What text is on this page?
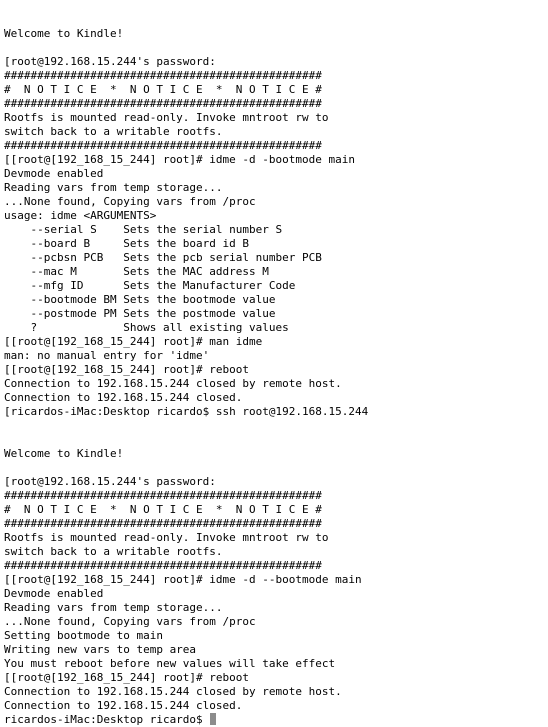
Welcome to Kindle!
[root@192.168.15.244's password:
################################################
#  N O T I C E  *  N O T I C E  *  N O T I C E #
################################################
Rootfs is mounted read-only. Invoke mntroot rw to
switch back to a writable rootfs.
################################################
[[root@[192_168_15_244] root]# idme -d -bootmode main
Devmode enabled
Reading vars from temp storage...
...None found, Copying vars from /proc
usage: idme <ARGUMENTS>
--serial S    Sets the serial number S
--board B     Sets the board id B
--pcbsn PCB   Sets the pcb serial number PCB
--mac M       Sets the MAC address M
--mfg ID      Sets the Manufacturer Code
--bootmode BM Sets the bootmode value
--postmode PM Sets the postmode value
?             Shows all existing values
[[root@[192_168_15_244] root]# man idme
man: no manual entry for 'idme'
[[root@[192_168_15_244] root]# reboot
Connection to 192.168.15.244 closed by remote host.
Connection to 192.168.15.244 closed.
[ricardos-iMac:Desktop ricardo$ ssh root@192.168.15.244
Welcome to Kindle!
[root@192.168.15.244's password:
################################################
#  N O T I C E  *  N O T I C E  *  N O T I C E #
################################################
Rootfs is mounted read-only. Invoke mntroot rw to
switch back to a writable rootfs.
################################################
[[root@[192_168_15_244] root]# idme -d --bootmode main
Devmode enabled
Reading vars from temp storage...
...None found, Copying vars from /proc
Setting bootmode to main
Writing new vars to temp area
You must reboot before new values will take effect
[[root@[192_168_15_244] root]# reboot
Connection to 192.168.15.244 closed by remote host.
Connection to 192.168.15.244 closed.
ricardos-iMac:Desktop ricardo$
